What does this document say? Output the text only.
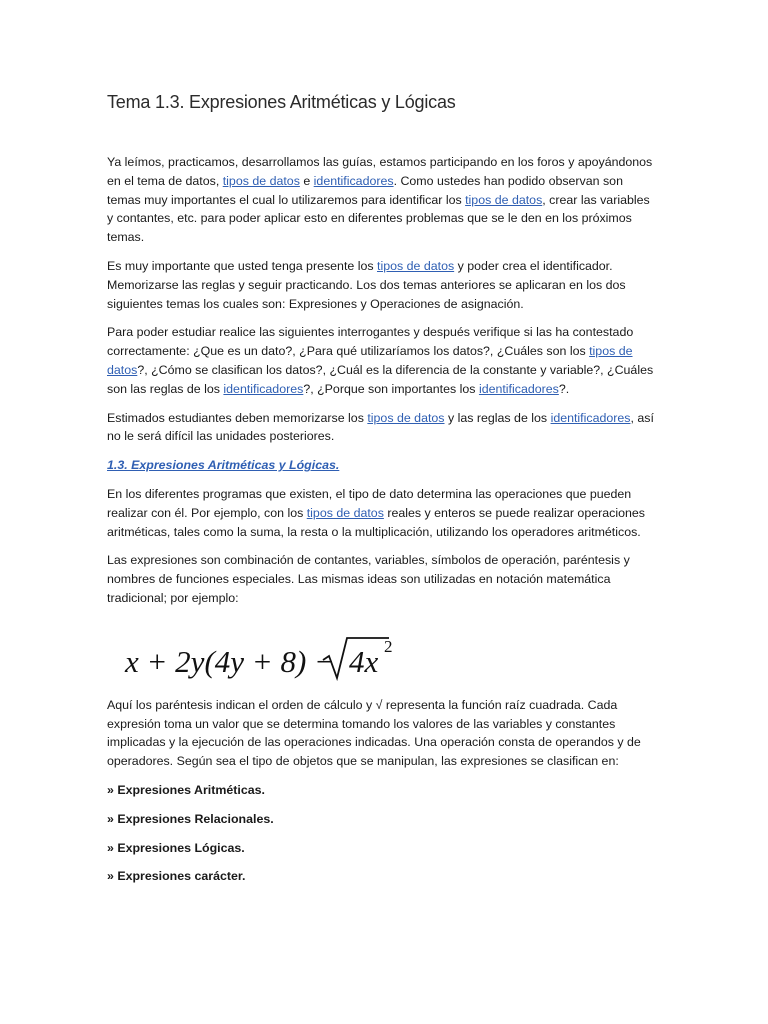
Tema 1.3. Expresiones Aritméticas y Lógicas

Ya leímos, practicamos, desarrollamos las guías, estamos participando en los foros y apoyándonos en el tema de datos, tipos de datos e identificadores. Como ustedes han podido observan son temas muy importantes el cual lo utilizaremos para identificar los tipos de datos, crear las variables y contantes, etc. para poder aplicar esto en diferentes problemas que se le den en los próximos temas.

Es muy importante que usted tenga presente los tipos de datos y poder crea el identificador. Memorizarse las reglas y seguir practicando. Los dos temas anteriores se aplicaran en los dos siguientes temas los cuales son: Expresiones y Operaciones de asignación.

Para poder estudiar realice las siguientes interrogantes y después verifique si las ha contestado correctamente: ¿Que es un dato?, ¿Para qué utilizaríamos los datos?, ¿Cuáles son los tipos de datos?, ¿Cómo se clasifican los datos?, ¿Cuál es la diferencia de la constante y variable?, ¿Cuáles son las reglas de los identificadores?, ¿Porque son importantes los identificadores?.

Estimados estudiantes deben memorizarse los tipos de datos y las reglas de los identificadores, así no le será difícil las unidades posteriores.

1.3. Expresiones Aritméticas y Lógicas.

En los diferentes programas que existen, el tipo de dato determina las operaciones que pueden realizar con él. Por ejemplo, con los tipos de datos reales y enteros se puede realizar operaciones aritméticas, tales como la suma, la resta o la multiplicación, utilizando los operadores aritméticos.

Las expresiones son combinación de contantes, variables, símbolos de operación, paréntesis y nombres de funciones especiales. Las mismas ideas son utilizadas en notación matemática tradicional; por ejemplo:

x + 2y(4y + 8) − 4x 2

Aquí los paréntesis indican el orden de cálculo y √ representa la función raíz cuadrada. Cada expresión toma un valor que se determina tomando los valores de las variables y constantes implicadas y la ejecución de las operaciones indicadas. Una operación consta de operandos y de operadores. Según sea el tipo de objetos que se manipulan, las expresiones se clasifican en:

» Expresiones Aritméticas.
» Expresiones Relacionales.
» Expresiones Lógicas.
» Expresiones carácter.
